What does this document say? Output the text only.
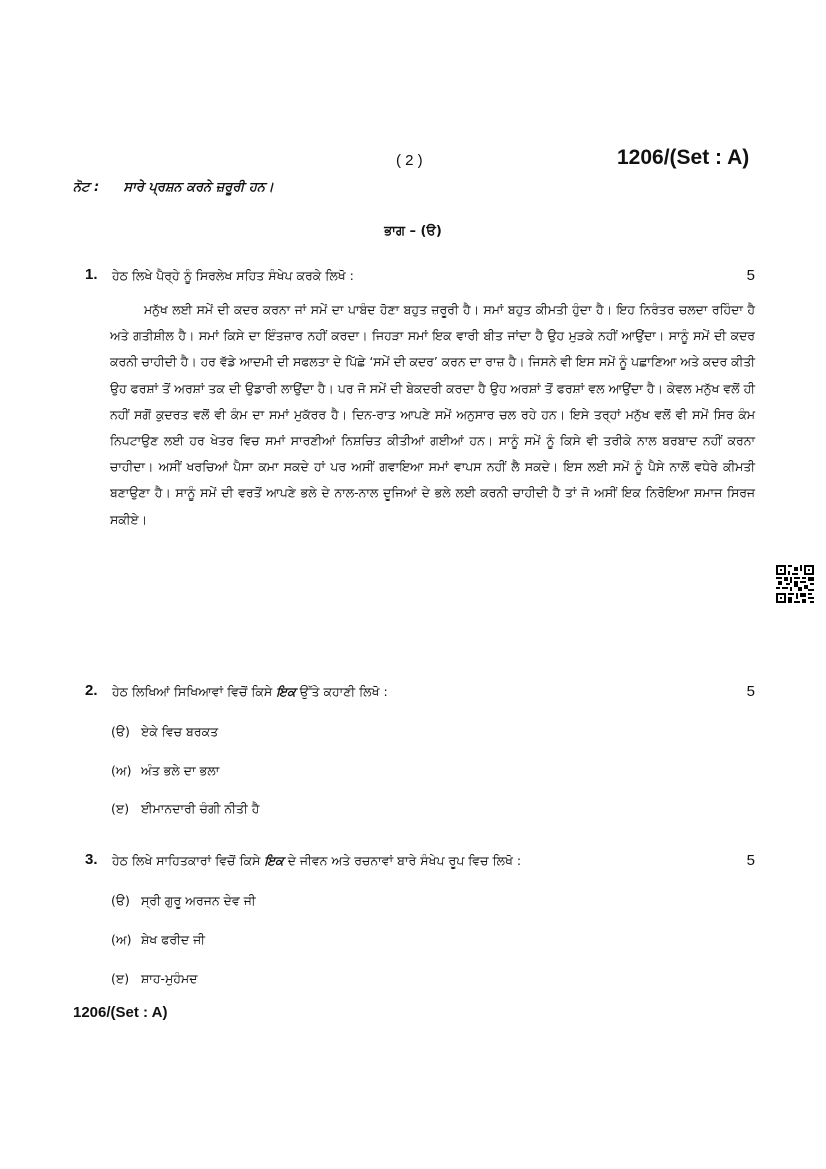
( 2 )	1206/(Set : A)
ਨੋਟ : ਸਾਰੇ ਪ੍ਰਸ਼ਨ ਕਰਨੇ ਜ਼ਰੂਰੀ ਹਨ।
ਭਾਗ – (ੳ)
1. ਹੇਠ ਲਿਖੇ ਪੈਰ੍ਹੇ ਨੂੰ ਸਿਰਲੇਖ ਸਹਿਤ ਸੰਖੇਪ ਕਰਕੇ ਲਿਖੋ :	5
ਮਨੁੱਖ ਲਈ ਸਮੇਂ ਦੀ ਕਦਰ ਕਰਨਾ ਜਾਂ ਸਮੇਂ ਦਾ ਪਾਬੰਦ ਹੋਣਾ ਬਹੁਤ ਜ਼ਰੂਰੀ ਹੈ। ਸਮਾਂ ਬਹੁਤ ਕੀਮਤੀ ਹੁੰਦਾ ਹੈ। ਇਹ ਨਿਰੰਤਰ ਚਲਦਾ ਰਹਿੰਦਾ ਹੈ ਅਤੇ ਗਤੀਸ਼ੀਲ ਹੈ। ਸਮਾਂ ਕਿਸੇ ਦਾ ਇੰਤਜ਼ਾਰ ਨਹੀਂ ਕਰਦਾ। ਜਿਹੜਾ ਸਮਾਂ ਇਕ ਵਾਰੀ ਬੀਤ ਜਾਂਦਾ ਹੈ ਉਹ ਮੁੜਕੇ ਨਹੀਂ ਆਉਂਦਾ। ਸਾਨੂੰ ਸਮੇਂ ਦੀ ਕਦਰ ਕਰਨੀ ਚਾਹੀਦੀ ਹੈ। ਹਰ ਵੱਡੇ ਆਦਮੀ ਦੀ ਸਫਲਤਾ ਦੇ ਪਿੱਛੇ ‘ਸਮੇਂ ਦੀ ਕਦਰ’ ਕਰਨ ਦਾ ਰਾਜ਼ ਹੈ। ਜਿਸਨੇ ਵੀ ਇਸ ਸਮੇਂ ਨੂੰ ਪਛਾਣਿਆ ਅਤੇ ਕਦਰ ਕੀਤੀ ਉਹ ਫਰਸ਼ਾਂ ਤੋਂ ਅਰਸ਼ਾਂ ਤਕ ਦੀ ਉਡਾਰੀ ਲਾਉਂਦਾ ਹੈ। ਪਰ ਜੋ ਸਮੇਂ ਦੀ ਬੇਕਦਰੀ ਕਰਦਾ ਹੈ ਉਹ ਅਰਸ਼ਾਂ ਤੋਂ ਫਰਸ਼ਾਂ ਵਲ ਆਉਂਦਾ ਹੈ। ਕੇਵਲ ਮਨੁੱਖ ਵਲੋਂ ਹੀ ਨਹੀਂ ਸਗੋਂ ਕੁਦਰਤ ਵਲੋਂ ਵੀ ਕੰਮ ਦਾ ਸਮਾਂ ਮੁਕੱਰਰ ਹੈ। ਦਿਨ-ਰਾਤ ਆਪਣੇ ਸਮੇਂ ਅਨੁਸਾਰ ਚਲ ਰਹੇ ਹਨ। ਇਸੇ ਤਰ੍ਹਾਂ ਮਨੁੱਖ ਵਲੋਂ ਵੀ ਸਮੇਂ ਸਿਰ ਕੰਮ ਨਿਪਟਾਉਣ ਲਈ ਹਰ ਖੇਤਰ ਵਿਚ ਸਮਾਂ ਸਾਰਣੀਆਂ ਨਿਸ਼ਚਿਤ ਕੀਤੀਆਂ ਗਈਆਂ ਹਨ। ਸਾਨੂੰ ਸਮੇਂ ਨੂੰ ਕਿਸੇ ਵੀ ਤਰੀਕੇ ਨਾਲ ਬਰਬਾਦ ਨਹੀਂ ਕਰਨਾ ਚਾਹੀਦਾ। ਅਸੀਂ ਖਰਚਿਆਂ ਪੈਸਾ ਕਮਾ ਸਕਦੇ ਹਾਂ ਪਰ ਅਸੀਂ ਗਵਾਇਆ ਸਮਾਂ ਵਾਪਸ ਨਹੀਂ ਲੈ ਸਕਦੇ। ਇਸ ਲਈ ਸਮੇਂ ਨੂੰ ਪੈਸੇ ਨਾਲੋਂ ਵਧੇਰੇ ਕੀਮਤੀ ਬਣਾਉਣਾ ਹੈ। ਸਾਨੂੰ ਸਮੇਂ ਦੀ ਵਰਤੋਂ ਆਪਣੇ ਭਲੇ ਦੇ ਨਾਲ-ਨਾਲ ਦੂਜਿਆਂ ਦੇ ਭਲੇ ਲਈ ਕਰਨੀ ਚਾਹੀਦੀ ਹੈ ਤਾਂ ਜੋ ਅਸੀਂ ਇਕ ਨਿਰੋਇਆ ਸਮਾਜ ਸਿਰਜ ਸਕੀਏ।
2. ਹੇਠ ਲਿਖਿਆਂ ਸਿਖਿਆਵਾਂ ਵਿਚੋਂ ਕਿਸੇ ਇਕ ਉੱਤੇ ਕਹਾਣੀ ਲਿਖੋ :	5
(ੳ) ਏਕੇ ਵਿਚ ਬਰਕਤ
(ਅ) ਅੰਤ ਭਲੇ ਦਾ ਭਲਾ
(ੲ) ਈਮਾਨਦਾਰੀ ਚੰਗੀ ਨੀਤੀ ਹੈ
3. ਹੇਠ ਲਿਖੇ ਸਾਹਿਤਕਾਰਾਂ ਵਿਚੋਂ ਕਿਸੇ ਇਕ ਦੇ ਜੀਵਨ ਅਤੇ ਰਚਨਾਵਾਂ ਬਾਰੇ ਸੰਖੇਪ ਰੂਪ ਵਿਚ ਲਿਖੋ :	5
(ੳ) ਸ੍ਰੀ ਗੁਰੂ ਅਰਜਨ ਦੇਵ ਜੀ
(ਅ) ਸ਼ੇਖ ਫਰੀਦ ਜੀ
(ੲ) ਸ਼ਾਹ-ਮੁਹੰਮਦ
1206/(Set : A)
